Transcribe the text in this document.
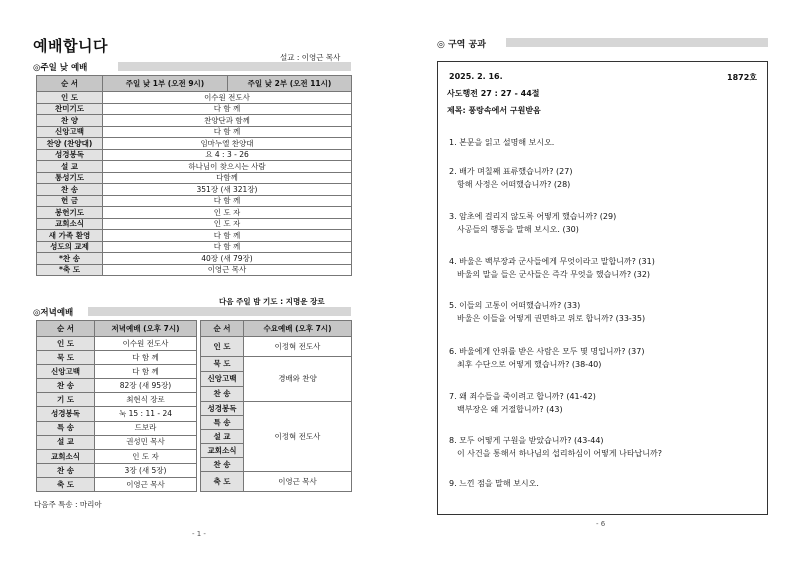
예배합니다
설교 : 이영근 목사
◎주일 낮 예배
순 서	주일 낮 1부 (오전 9시)	주일 낮 2부 (오전 11시)
인 도	이수원 전도사	
찬미기도	다 함 께	
찬 양	찬양단과 함께	
신앙고백	다 함 께	
찬양 (찬양대)	임마누엘 찬양대	
성경봉독	요 4 : 3 - 26	
설 교	하나님이 찾으시는 사람	
통성기도	다함께	
찬 송	351장 (새 321장)	
헌 금	다 함 께	
봉헌기도	인 도 자	
교회소식	인 도 자	
새 가족 환영	다 함 께	
성도의 교제	다 함 께	
*찬 송	40장 (새 79장)	
*축 도	이영근 목사	
다음 주일 밤 기도 : 지명운 장로
◎저녁예배
순 서	저녁예배 (오후 7시)
인 도	이수원 전도사
묵 도	다 함 께
신앙고백	다 함 께
찬 송	82장 (새 95장)
기 도	최현식 장로
성경봉독	눅 15 : 11 - 24
특 송	드보라
설 교	권성민 목사
교회소식	인 도 자
찬 송	3장 (새 5장)
축 도	이영근 목사
순 서	수요예배 (오후 7시)
인 도	이정혁 전도사
묵 도	경배와 찬양
신앙고백	
찬 송	
성경봉독	이정혁 전도사
특 송	
설 교	
교회소식	
찬 송	
축 도	이영근 목사
다음주 특송 : 마리아
- 1 -
◎ 구역 공과
2025. 2. 16.	1872호
사도행전 27 : 27 - 44절
제목: 풍랑속에서 구원받음
1. 본문을 읽고 설명해 보시오.
2. 배가 며칠째 표류했습니까? (27)
항해 사정은 어떠했습니까? (28)
3. 암초에 걸리지 않도록 어떻게 했습니까? (29)
사공들의 행동을 말해 보시오. (30)
4. 바울은 백부장과 군사들에게 무엇이라고 말합니까? (31)
바울의 말을 들은 군사들은 즉각 무엇을 했습니까? (32)
5. 이들의 고통이 어떠했습니까? (33)
바울은 이들을 어떻게 권면하고 위로 합니까? (33-35)
6. 바울에게 안위를 받은 사람은 모두 몇 명입니까? (37)
최후 수단으로 어떻게 했습니까? (38-40)
7. 왜 죄수들을 죽이려고 합니까? (41-42)
백부장은 왜 거절합니까? (43)
8. 모두 어떻게 구원을 받았습니까? (43-44)
이 사건을 통해서 하나님의 섭리하심이 어떻게 나타납니까?
9. 느낀 점을 말해 보시오.
- 6
